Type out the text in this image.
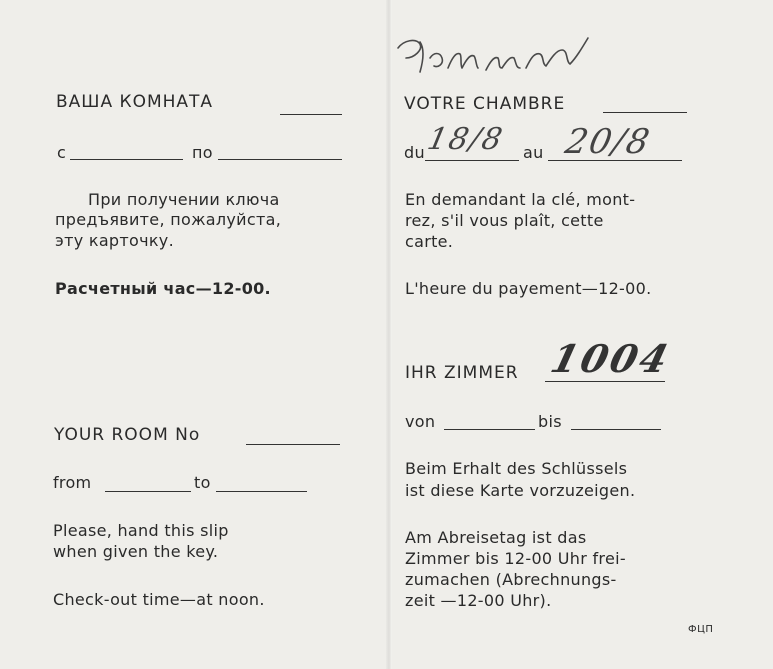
ВАША КОМНАТА
с	по
При получении ключа
предъявите, пожалуйста,
эту карточку.
Расчетный час—12-00.
YOUR ROOM No
from	to
Please, hand this slip
when given the key.
Check-out time—at noon.
VOTRE CHAMBRE
du	au
18/8 20/8
En demandant la clé, mont-
rez, s'il vous plaît, cette
carte.
L'heure du payement—12-00.
IHR ZIMMER 1004
von	bis
Beim Erhalt des Schlüssels
ist diese Karte vorzuzeigen.
Am Abreisetag ist das
Zimmer bis 12-00 Uhr frei-
zumachen (Abrechnungs-
zeit —12-00 Uhr).
ФЦП
